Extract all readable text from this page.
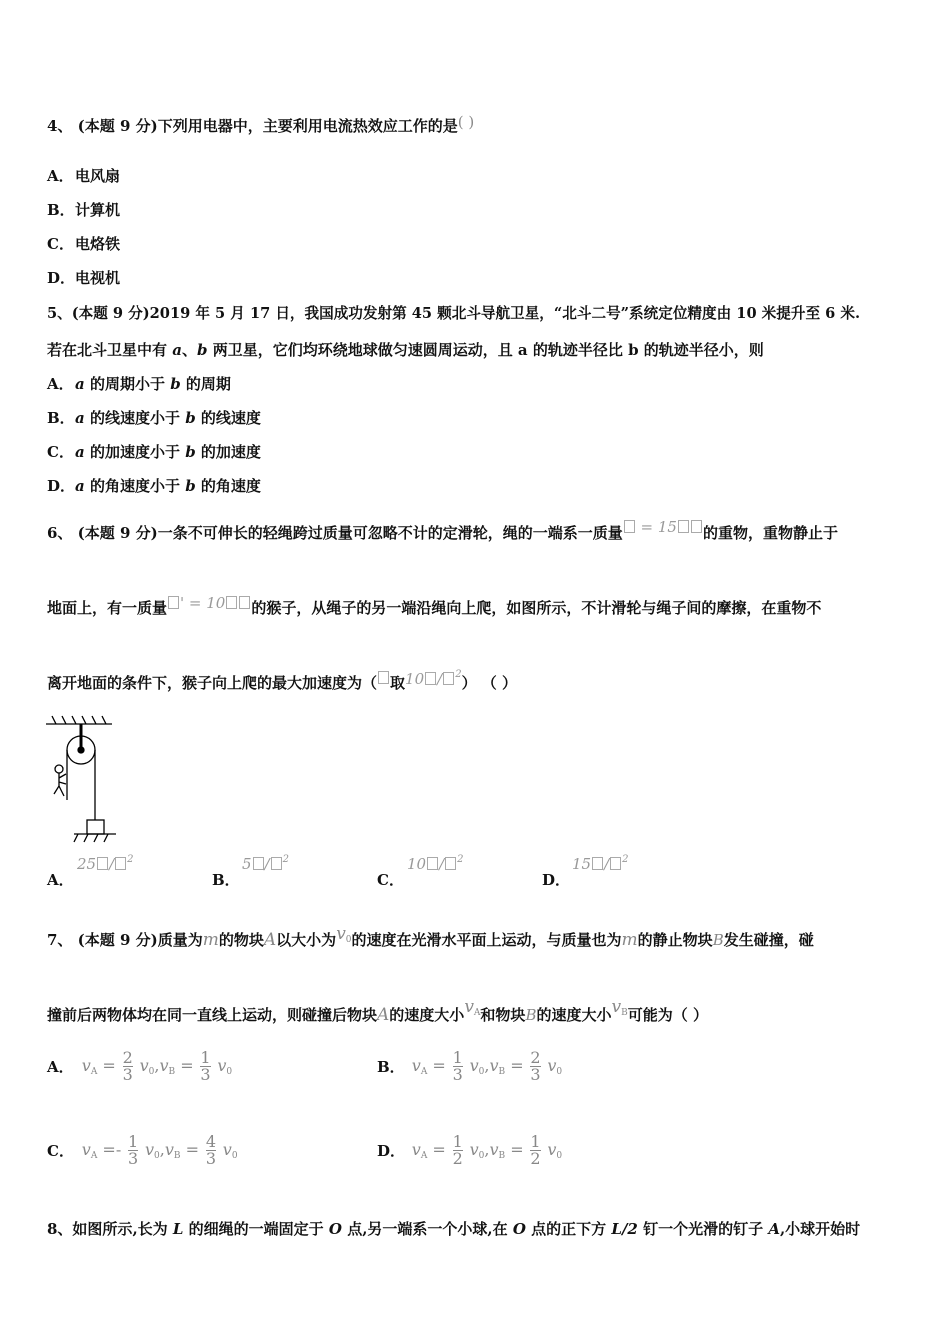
4、 (本题 9 分)下列用电器中，主要利用电流热效应工作的是( )
A．电风扇
B．计算机
C．电烙铁
D．电视机
5、(本题 9 分)2019 年 5 月 17 日，我国成功发射第 45 颗北斗导航卫星，“北斗二号”系统定位精度由 10 米提升至 6 米.
若在北斗卫星中有 a、b 两卫星，它们均环绕地球做匀速圆周运动，且 a 的轨迹半径比 b 的轨迹半径小，则
A．a 的周期小于 b 的周期
B．a 的线速度小于 b 的线速度
C．a 的加速度小于 b 的加速度
D．a 的角速度小于 b 的角速度
6、 (本题 9 分)一条不可伸长的轻绳跨过质量可忽略不计的定滑轮，绳的一端系一质量 = 15 的重物，重物静止于
地面上，有一质量 ' = 10 的猴子，从绳子的另一端沿绳向上爬，如图所示，不计滑轮与绳子间的摩擦，在重物不
离开地面的条件下，猴子向上爬的最大加速度为（ 取10 / $^2$） （ ）
A．25 / $^2$
B．5 / $^2$
C．10 / $^2$
D．15 / $^2$
7、 (本题 9 分)质量为m的物块A以大小为$v_0$的速度在光滑水平面上运动，与质量也为m的静止物块B发生碰撞，碰
撞前后两物体均在同一直线上运动，则碰撞后物块A的速度大小$v_A$和物块B的速度大小$v_B$可能为（ ）
A． $v_A = \frac{2}{3} v_0,v_B = \frac{1}{3} v_0$	B． $v_A = \frac{1}{3} v_0,v_B = \frac{2}{3} v_0$
C． $v_A =- \frac{1}{3} v_0,v_B = \frac{4}{3} v_0$	D． $v_A = \frac{1}{2} v_0,v_B = \frac{1}{2} v_0$
8、如图所示,长为 L 的细绳的一端固定于 O 点,另一端系一个小球,在 O 点的正下方 L/2 钉一个光滑的钉子 A,小球开始时
